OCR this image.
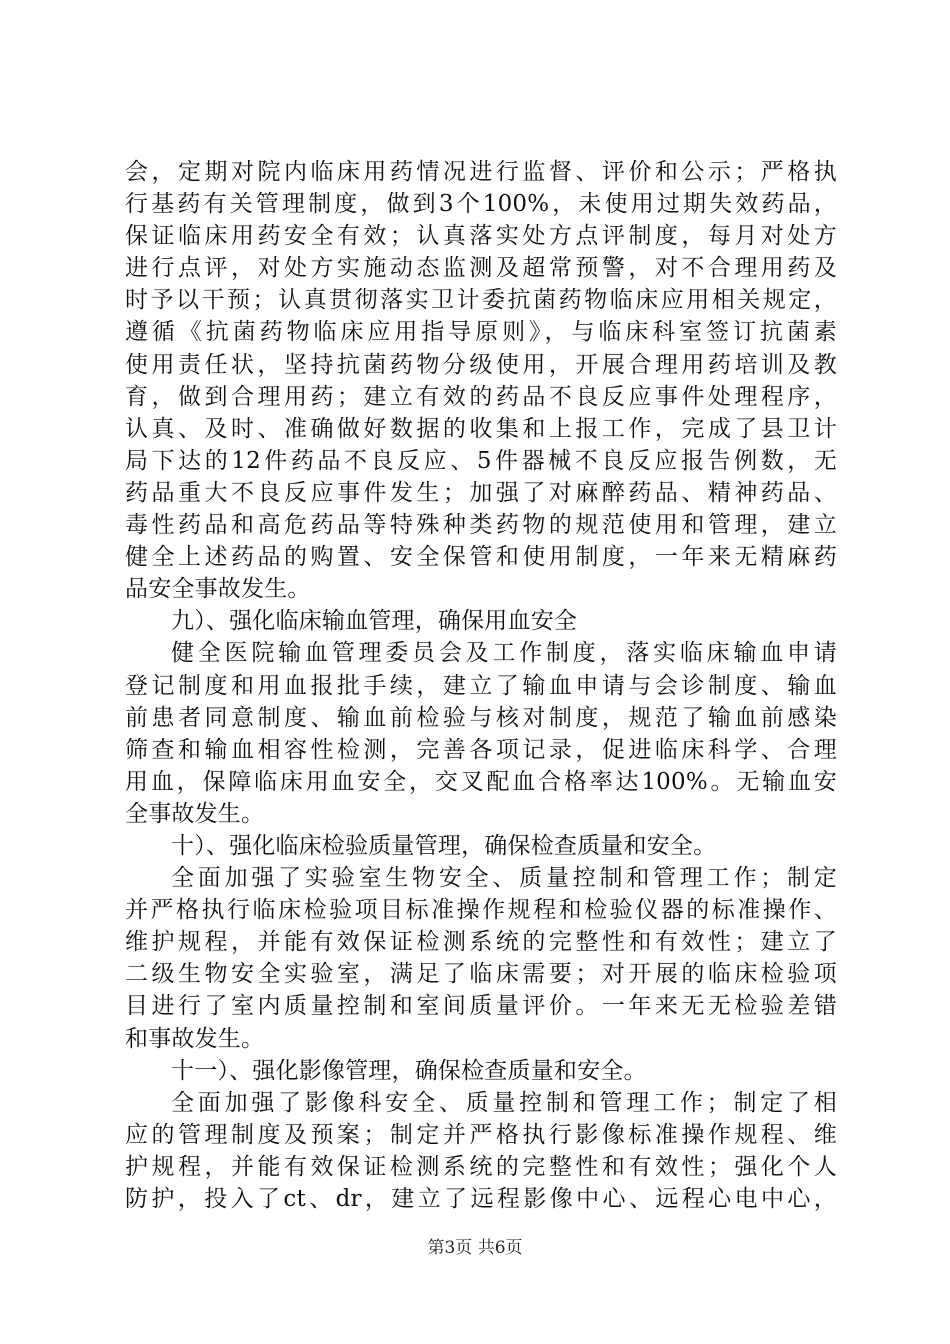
会，定期对院内临床用药情况进行监督、评价和公示；严格执
行基药有关管理制度，做到3个100%，未使用过期失效药品，
保证临床用药安全有效；认真落实处方点评制度，每月对处方
进行点评，对处方实施动态监测及超常预警，对不合理用药及
时予以干预；认真贯彻落实卫计委抗菌药物临床应用相关规定，
遵循《抗菌药物临床应用指导原则》，与临床科室签订抗菌素
使用责任状，坚持抗菌药物分级使用，开展合理用药培训及教
育，做到合理用药；建立有效的药品不良反应事件处理程序，
认真、及时、准确做好数据的收集和上报工作，完成了县卫计
局下达的12件药品不良反应、5件器械不良反应报告例数，无
药品重大不良反应事件发生；加强了对麻醉药品、精神药品、
毒性药品和高危药品等特殊种类药物的规范使用和管理，建立
健全上述药品的购置、安全保管和使用制度，一年来无精麻药
品安全事故发生。
九）、强化临床输血管理，确保用血安全
健全医院输血管理委员会及工作制度，落实临床输血申请
登记制度和用血报批手续，建立了输血申请与会诊制度、输血
前患者同意制度、输血前检验与核对制度，规范了输血前感染
筛查和输血相容性检测，完善各项记录，促进临床科学、合理
用血，保障临床用血安全，交叉配血合格率达100%。无输血安
全事故发生。
十）、强化临床检验质量管理，确保检查质量和安全。
全面加强了实验室生物安全、质量控制和管理工作；制定
并严格执行临床检验项目标准操作规程和检验仪器的标准操作、
维护规程，并能有效保证检测系统的完整性和有效性；建立了
二级生物安全实验室，满足了临床需要；对开展的临床检验项
目进行了室内质量控制和室间质量评价。一年来无无检验差错
和事故发生。
十一）、强化影像管理，确保检查质量和安全。
全面加强了影像科安全、质量控制和管理工作；制定了相
应的管理制度及预案；制定并严格执行影像标准操作规程、维
护规程，并能有效保证检测系统的完整性和有效性；强化个人
防护，投入了ct、dr，建立了远程影像中心、远程心电中心，
第3页 共6页
